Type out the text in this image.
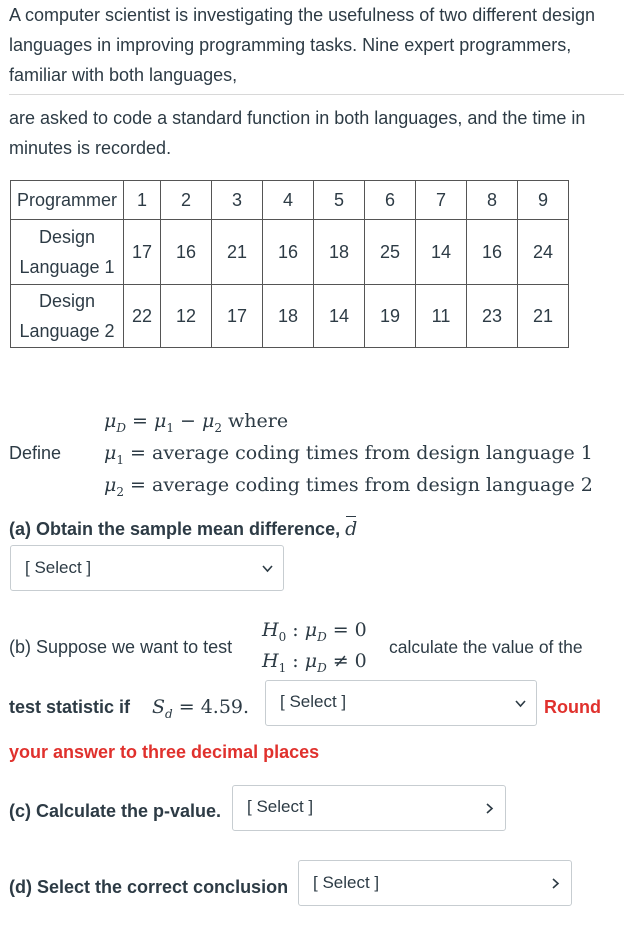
A computer scientist is investigating the usefulness of two different design languages in improving programming tasks. Nine expert programmers, familiar with both languages,
are asked to code a standard function in both languages, and the time in minutes is recorded.
Programmer	1	2	3	4	5	6	7	8	9
Design Language 1	17	16	21	16	18	25	14	16	24
Design Language 2	22	12	17	18	14	19	11	23	21
Define
$\mu_D = \mu_1 - \mu_2$ where
$\mu_1$ = average coding times from design language 1
$\mu_2$ = average coding times from design language 2
(a) Obtain the sample mean difference, d
[ Select ]
(b) Suppose we want to test
$H_0$ : $\mu_D = 0$
$H_1$ : $\mu_D \ne 0$
calculate the value of the
test statistic if $S_d = 4.59$. [ Select ]	Round
your answer to three decimal places
(c) Calculate the p-value. [ Select ]
(d) Select the correct conclusion [ Select ]
